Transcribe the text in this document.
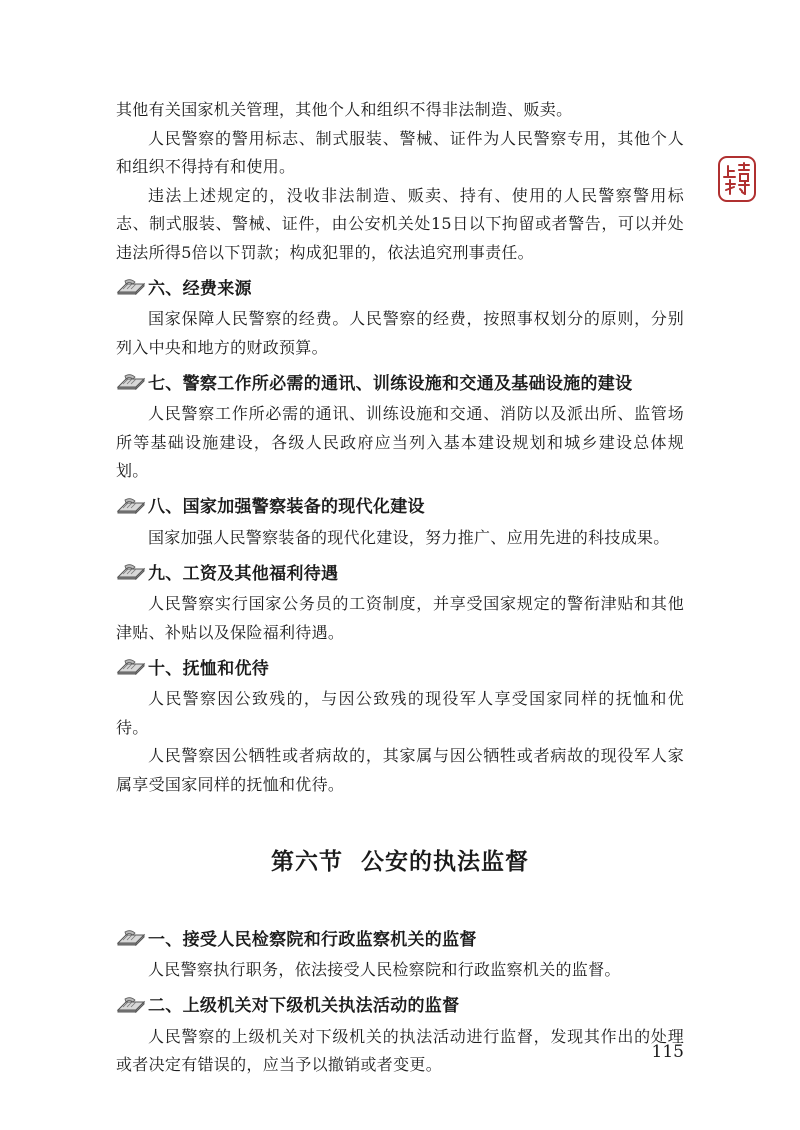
其他有关国家机关管理，其他个人和组织不得非法制造、贩卖。

人民警察的警用标志、制式服装、警械、证件为人民警察专用，其他个人和组织不得持有和使用。

违法上述规定的，没收非法制造、贩卖、持有、使用的人民警察警用标志、制式服装、警械、证件，由公安机关处15日以下拘留或者警告，可以并处违法所得5倍以下罚款；构成犯罪的，依法追究刑事责任。

六、经费来源

国家保障人民警察的经费。人民警察的经费，按照事权划分的原则，分别列入中央和地方的财政预算。

七、警察工作所必需的通讯、训练设施和交通及基础设施的建设

人民警察工作所必需的通讯、训练设施和交通、消防以及派出所、监管场所等基础设施建设，各级人民政府应当列入基本建设规划和城乡建设总体规划。

八、国家加强警察装备的现代化建设

国家加强人民警察装备的现代化建设，努力推广、应用先进的科技成果。

九、工资及其他福利待遇

人民警察实行国家公务员的工资制度，并享受国家规定的警衔津贴和其他津贴、补贴以及保险福利待遇。

十、抚恤和优待

人民警察因公致残的，与因公致残的现役军人享受国家同样的抚恤和优待。

人民警察因公牺牲或者病故的，其家属与因公牺牲或者病故的现役军人家属享受国家同样的抚恤和优待。

第六节  公安的执法监督
一、接受人民检察院和行政监察机关的监督

人民警察执行职务，依法接受人民检察院和行政监察机关的监督。

二、上级机关对下级机关执法活动的监督

人民警察的上级机关对下级机关的执法活动进行监督，发现其作出的处理或者决定有错误的，应当予以撤销或者变更。

115
